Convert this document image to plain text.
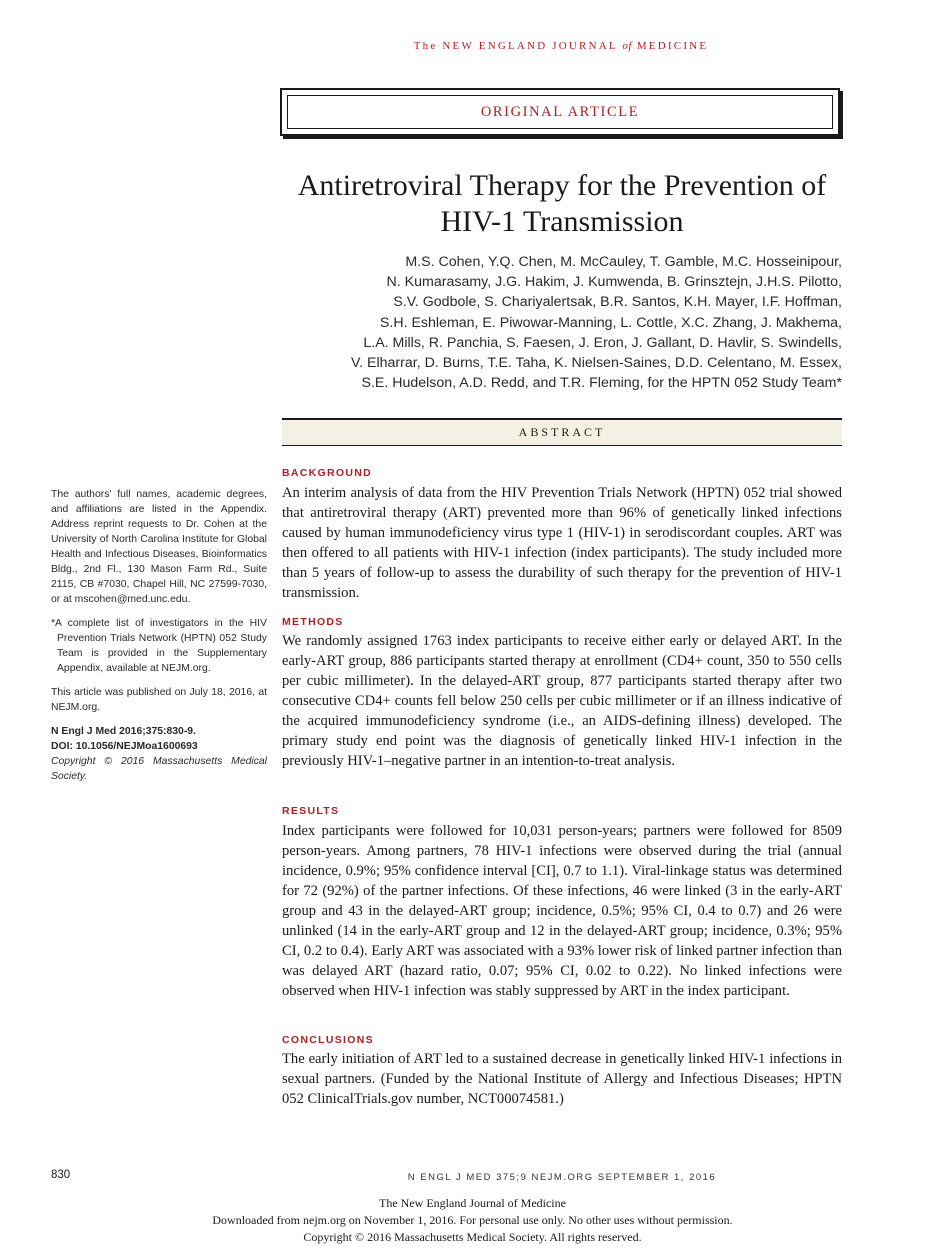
The NEW ENGLAND JOURNAL of MEDICINE
ORIGINAL ARTICLE
Antiretroviral Therapy for the Prevention of HIV-1 Transmission
M.S. Cohen, Y.Q. Chen, M. McCauley, T. Gamble, M.C. Hosseinipour,
N. Kumarasamy, J.G. Hakim, J. Kumwenda, B. Grinsztejn, J.H.S. Pilotto,
S.V. Godbole, S. Chariyalertsak, B.R. Santos, K.H. Mayer, I.F. Hoffman,
S.H. Eshleman, E. Piwowar-Manning, L. Cottle, X.C. Zhang, J. Makhema,
L.A. Mills, R. Panchia, S. Faesen, J. Eron, J. Gallant, D. Havlir, S. Swindells,
V. Elharrar, D. Burns, T.E. Taha, K. Nielsen-Saines, D.D. Celentano, M. Essex,
S.E. Hudelson, A.D. Redd, and T.R. Fleming, for the HPTN 052 Study Team*
ABSTRACT
BACKGROUND

An interim analysis of data from the HIV Prevention Trials Network (HPTN) 052 trial showed that antiretroviral therapy (ART) prevented more than 96% of genetically linked infections caused by human immunodeficiency virus type 1 (HIV-1) in serodiscordant couples. ART was then offered to all patients with HIV-1 infection (index participants). The study included more than 5 years of follow-up to assess the durability of such therapy for the prevention of HIV-1 transmission.

METHODS

We randomly assigned 1763 index participants to receive either early or delayed ART. In the early-ART group, 886 participants started therapy at enrollment (CD4+ count, 350 to 550 cells per cubic millimeter). In the delayed-ART group, 877 participants started therapy after two consecutive CD4+ counts fell below 250 cells per cubic millimeter or if an illness indicative of the acquired immunodeficiency syndrome (i.e., an AIDS-defining illness) developed. The primary study end point was the diagnosis of genetically linked HIV-1 infection in the previously HIV-1–negative partner in an intention-to-treat analysis.

RESULTS

Index participants were followed for 10,031 person-years; partners were followed for 8509 person-years. Among partners, 78 HIV-1 infections were observed during the trial (annual incidence, 0.9%; 95% confidence interval [CI], 0.7 to 1.1). Viral-linkage status was determined for 72 (92%) of the partner infections. Of these infections, 46 were linked (3 in the early-ART group and 43 in the delayed-ART group; incidence, 0.5%; 95% CI, 0.4 to 0.7) and 26 were unlinked (14 in the early-ART group and 12 in the delayed-ART group; incidence, 0.3%; 95% CI, 0.2 to 0.4). Early ART was associated with a 93% lower risk of linked partner infection than was delayed ART (hazard ratio, 0.07; 95% CI, 0.02 to 0.22). No linked infections were observed when HIV-1 infection was stably suppressed by ART in the index participant.

CONCLUSIONS

The early initiation of ART led to a sustained decrease in genetically linked HIV-1 infections in sexual partners. (Funded by the National Institute of Allergy and Infectious Diseases; HPTN 052 ClinicalTrials.gov number, NCT00074581.)

The authors' full names, academic degrees, and affiliations are listed in the Appendix. Address reprint requests to Dr. Cohen at the University of North Carolina Institute for Global Health and Infectious Diseases, Bioinformatics Bldg., 2nd Fl., 130 Mason Farm Rd., Suite 2115, CB #7030, Chapel Hill, NC 27599-7030, or at mscohen@med.unc.edu.

*A complete list of investigators in the HIV Prevention Trials Network (HPTN) 052 Study Team is provided in the Supplementary Appendix, available at NEJM.org.

This article was published on July 18, 2016, at NEJM.org.

N Engl J Med 2016;375:830-9.

DOI: 10.1056/NEJMoa1600693

Copyright © 2016 Massachusetts Medical Society.

830	N ENGL J MED 375;9 NEJM.ORG SEPTEMBER 1, 2016
The New England Journal of Medicine
Downloaded from nejm.org on November 1, 2016. For personal use only. No other uses without permission.
Copyright © 2016 Massachusetts Medical Society. All rights reserved.
